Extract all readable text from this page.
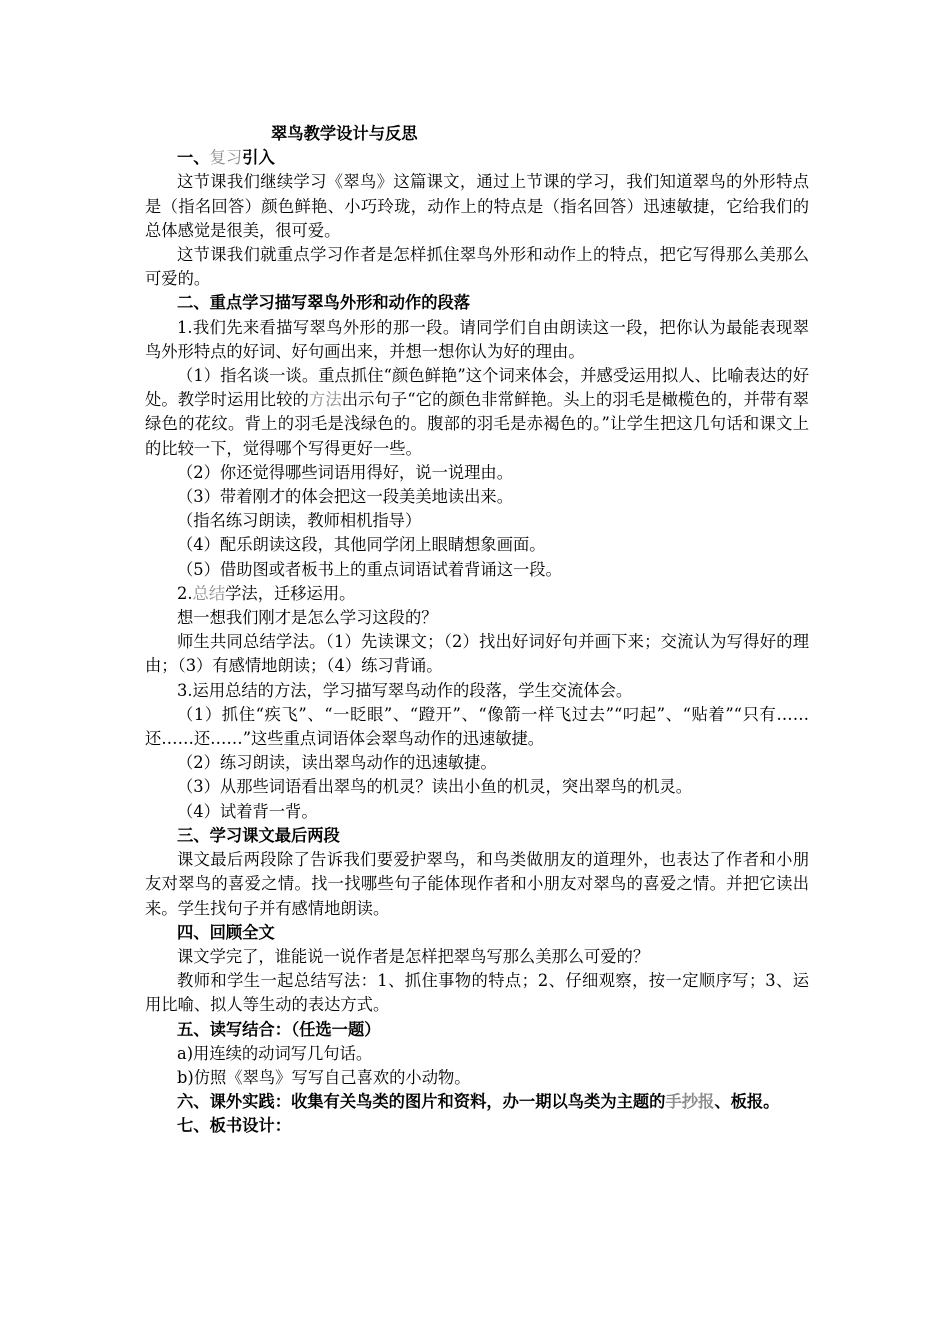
翠鸟教学设计与反思

一、复习引入

这节课我们继续学习《翠鸟》这篇课文，通过上节课的学习，我们知道翠鸟的外形特点是（指名回答）颜色鲜艳、小巧玲珑，动作上的特点是（指名回答）迅速敏捷，它给我们的总体感觉是很美，很可爱。

这节课我们就重点学习作者是怎样抓住翠鸟外形和动作上的特点，把它写得那么美那么可爱的。

二、重点学习描写翠鸟外形和动作的段落

1.我们先来看描写翠鸟外形的那一段。请同学们自由朗读这一段，把你认为最能表现翠鸟外形特点的好词、好句画出来，并想一想你认为好的理由。

（1）指名谈一谈。重点抓住“颜色鲜艳”这个词来体会，并感受运用拟人、比喻表达的好处。教学时运用比较的方法出示句子“它的颜色非常鲜艳。头上的羽毛是橄榄色的，并带有翠绿色的花纹。背上的羽毛是浅绿色的。腹部的羽毛是赤褐色的。”让学生把这几句话和课文上的比较一下，觉得哪个写得更好一些。

（2）你还觉得哪些词语用得好，说一说理由。

（3）带着刚才的体会把这一段美美地读出来。

（指名练习朗读，教师相机指导）

（4）配乐朗读这段，其他同学闭上眼睛想象画面。

（5）借助图或者板书上的重点词语试着背诵这一段。

2.总结学法，迁移运用。

想一想我们刚才是怎么学习这段的？

师生共同总结学法。（1）先读课文；（2）找出好词好句并画下来；交流认为写得好的理由；（3）有感情地朗读；（4）练习背诵。

3.运用总结的方法，学习描写翠鸟动作的段落，学生交流体会。

（1）抓住“疾飞”、“一眨眼”、“蹬开”、“像箭一样飞过去”“叼起”、“贴着”“只有……还……还……”这些重点词语体会翠鸟动作的迅速敏捷。

（2）练习朗读，读出翠鸟动作的迅速敏捷。

（3）从那些词语看出翠鸟的机灵？读出小鱼的机灵，突出翠鸟的机灵。

（4）试着背一背。

三、学习课文最后两段

课文最后两段除了告诉我们要爱护翠鸟，和鸟类做朋友的道理外，也表达了作者和小朋友对翠鸟的喜爱之情。找一找哪些句子能体现作者和小朋友对翠鸟的喜爱之情。并把它读出来。学生找句子并有感情地朗读。

四、回顾全文

课文学完了，谁能说一说作者是怎样把翠鸟写那么美那么可爱的？

教师和学生一起总结写法：1、抓住事物的特点；2、仔细观察，按一定顺序写；3、运用比喻、拟人等生动的表达方式。

五、读写结合：（任选一题）

a)用连续的动词写几句话。

b)仿照《翠鸟》写写自己喜欢的小动物。

六、课外实践：收集有关鸟类的图片和资料，办一期以鸟类为主题的手抄报、板报。

七、板书设计：
